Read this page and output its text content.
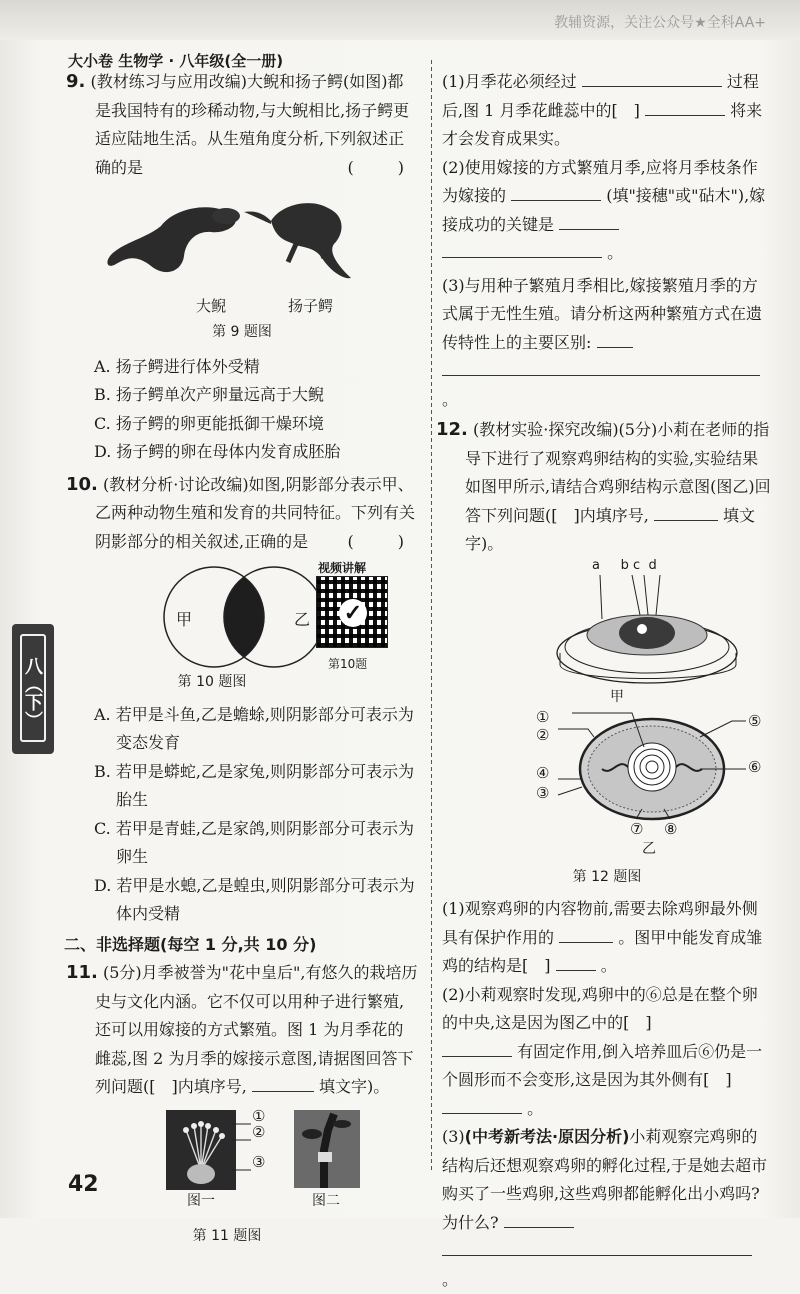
教辅资源，关注公众号★全科AA+
大小卷 生物学 · 八年级(全一册)
八（下）
9. (教材练习与应用改编)大鲵和扬子鳄(如图)都是我国特有的珍稀动物,与大鲵相比,扬子鳄更适应陆地生活。从生殖角度分析,下列叙述正确的是	(　)
大鲵	扬子鳄
第 9 题图
A. 扬子鳄进行体外受精
B. 扬子鳄单次产卵量远高于大鲵
C. 扬子鳄的卵更能抵御干燥环境
D. 扬子鳄的卵在母体内发育成胚胎
10. (教材分析·讨论改编)如图,阴影部分表示甲、乙两种动物生殖和发育的共同特征。下列有关阴影部分的相关叙述,正确的是 (　)
甲	乙
视频讲解
✓
第10题
第 10 题图
A. 若甲是斗鱼,乙是蟾蜍,则阴影部分可表示为变态发育
B. 若甲是蟒蛇,乙是家兔,则阴影部分可表示为胎生
C. 若甲是青蛙,乙是家鸽,则阴影部分可表示为卵生
D. 若甲是水螅,乙是蝗虫,则阴影部分可表示为体内受精
二、非选择题(每空 1 分,共 10 分)
11. (5分)月季被誉为"花中皇后",有悠久的栽培历史与文化内涵。它不仅可以用种子进行繁殖,还可以用嫁接的方式繁殖。图 1 为月季花的雌蕊,图 2 为月季的嫁接示意图,请据图回答下列问题([　]内填序号,	填文字)。
①
②
③
图一	图二
第 11 题图
(1)月季花必须经过	过程后,图 1 月季花雌蕊中的[　]	将来才会发育成果实。
(2)使用嫁接的方式繁殖月季,应将月季枝条作为嫁接的	(填"接穗"或"砧木"),嫁接成功的关键是
。
(3)与用种子繁殖月季相比,嫁接繁殖月季的方式属于无性生殖。请分析这两种繁殖方式在遗传特性上的主要区别:
。
12. (教材实验·探究改编)(5分)小莉在老师的指导下进行了观察鸡卵结构的实验,实验结果如图甲所示,请结合鸡卵结构示意图(图乙)回答下列问题([　]内填序号,	填文字)。
a b c d
甲
①
②
③
④
⑤
⑥
⑦ ⑧
乙
第 12 题图
(1)观察鸡卵的内容物前,需要去除鸡卵最外侧具有保护作用的	。图甲中能发育成雏鸡的结构是[　]	。
(2)小莉观察时发现,鸡卵中的⑥总是在整个卵的中央,这是因为图乙中的[　]
有固定作用,倒入培养皿后⑥仍是一个圆形而不会变形,这是因为其外侧有[　]  。
(3)(中考新考法·原因分析)小莉观察完鸡卵的结构后还想观察鸡卵的孵化过程,于是她去超市购买了一些鸡卵,这些鸡卵都能孵化出小鸡吗?为什么?
。
42
